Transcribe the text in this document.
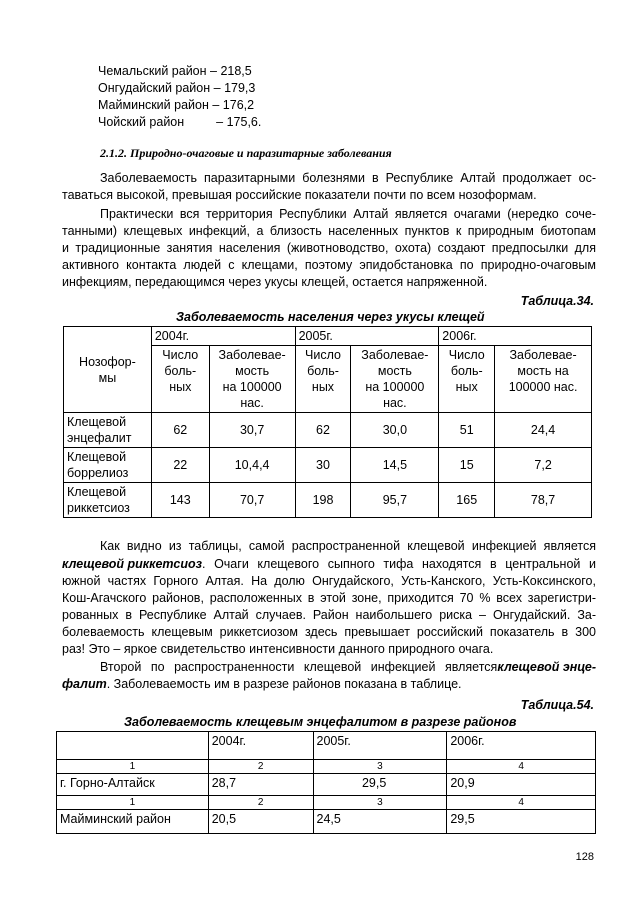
Чемальский район – 218,5
Онгудайский район – 179,3
Майминский район – 176,2
Чойский район	– 175,6.
2.1.2. Природно-очаговые и паразитарные заболевания
Заболеваемость паразитарными болезнями в Республике Алтай продолжает ос-
таваться высокой, превышая российские показатели почти по всем нозоформам.
Практически вся территория Республики Алтай является очагами (нередко соче-
танными) клещевых инфекций, а близость населенных пунктов к природным биотопам
и традиционные занятия населения (животноводство, охота) создают предпосылки для
активного контакта людей с клещами, поэтому эпидобстановка по природно-очаговым
инфекциям, передающимся через укусы клещей, остается напряженной.
Таблица.34.
Заболеваемость населения через укусы клещей
Нозофор-
мы	2004г.		2005г.		2006г.	
	Число
боль-
ных	Заболевае-
мость
на 100000
нас.	Число
боль-
ных	Заболевае-
мость
на 100000
нас.	Число
боль-
ных	Заболевае-
мость на
100000 нас.

Клещевой
энцефалит	62	30,7	62	30,0	51	24,4
Клещевой
боррелиоз	22	10,4,4	30	14,5	15	7,2
Клещевой
риккетсиоз	143	70,7	198	95,7	165	78,7
Как видно из таблицы, самой распространенной клещевой инфекцией является
клещевой риккетсиоз . Очаги клещевого сыпного тифа находятся в центральной и
южной частях Горного Алтая. На долю Онгудайского, Усть-Канского, Усть-Коксинского,
Кош-Агачского районов, расположенных в этой зоне, приходится 70 % всех зарегистри-
рованных в Республике Алтай случаев. Район наибольшего риска – Онгудайский. За-
болеваемость клещевым риккетсиозом здесь превышает российский показатель в 300
раз! Это – яркое свидетельство интенсивности данного природного очага.
Второй по распространенности клещевой инфекцией является клещевой энце-
фалит. Заболеваемость им в разрезе районов показана в таблице.
Таблица.54.
Заболеваемость клещевым энцефалитом в разрезе районов
	2004г.	2005г.	2006г.
1	2	3	4
г. Горно-Алтайск	28,7	29,5	20,9
1	2	3	4
Майминский район	20,5	24,5	29,5
128
